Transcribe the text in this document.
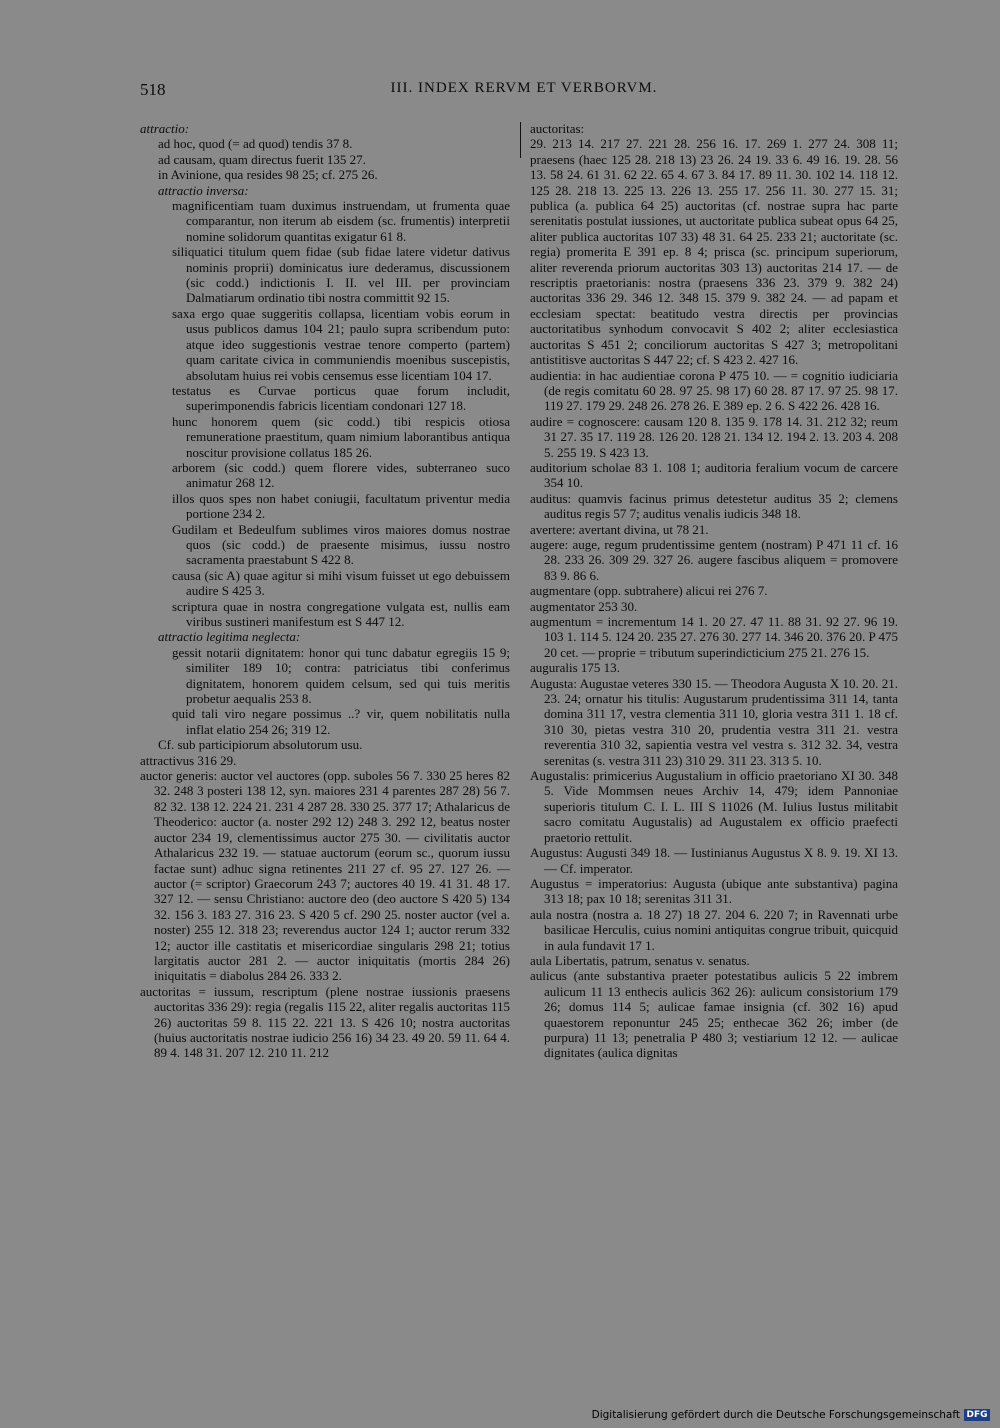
518	III. INDEX RERVM ET VERBORVM.

attractio:

ad hoc, quod (= ad quod) tendis 37 8.

ad causam, quam directus fuerit 135 27.

in Avinione, qua resides 98 25; cf. 275 26.

attractio inversa:

magnificentiam tuam duximus instruendam, ut frumenta quae comparantur, non iterum ab eisdem (sc. frumentis) interpretii nomine solidorum quantitas exigatur 61 8.

siliquatici titulum quem fidae (sub fidae latere videtur dativus nominis proprii) dominicatus iure dederamus, discussionem (sic codd.) indictionis I. II. vel III. per provinciam Dalmatiarum ordinatio tibi nostra committit 92 15.

saxa ergo quae suggeritis collapsa, licentiam vobis eorum in usus publicos damus 104 21; paulo supra scribendum puto: atque ideo suggestionis vestrae tenore comperto (partem) quam caritate civica in communiendis moenibus suscepistis, absolutam huius rei vobis censemus esse licentiam 104 17.

testatus es Curvae porticus quae forum includit, superimponendis fabricis licentiam condonari 127 18.

hunc honorem quem (sic codd.) tibi respicis otiosa remuneratione praestitum, quam nimium laborantibus antiqua noscitur provisione collatus 185 26.

arborem (sic codd.) quem florere vides, subterraneo suco animatur 268 12.

illos quos spes non habet coniugii, facultatum priventur media portione 234 2.

Gudilam et Bedeulfum sublimes viros maiores domus nostrae quos (sic codd.) de praesente misimus, iussu nostro sacramenta praestabunt S 422 8.

causa (sic A) quae agitur si mihi visum fuisset ut ego debuissem audire S 425 3.

scriptura quae in nostra congregatione vulgata est, nullis eam viribus sustineri manifestum est S 447 12.

attractio legitima neglecta:

gessit notarii dignitatem: honor qui tunc dabatur egregiis 15 9; similiter 189 10; contra: patriciatus tibi conferimus dignitatem, honorem quidem celsum, sed qui tuis meritis probetur aequalis 253 8.

quid tali viro negare possimus ..? vir, quem nobilitatis nulla inflat elatio 254 26; 319 12.

Cf. sub participiorum absolutorum usu.

attractivus 316 29.

auctor generis: auctor vel auctores (opp. suboles 56 7. 330 25 heres 82 32. 248 3 posteri 138 12, syn. maiores 231 4 parentes 287 28) 56 7. 82 32. 138 12. 224 21. 231 4 287 28. 330 25. 377 17; Athalaricus de Theoderico: auctor (a. noster 292 12) 248 3. 292 12, beatus noster auctor 234 19, clementissimus auctor 275 30. — civilitatis auctor Athalaricus 232 19. — statuae auctorum (eorum sc., quorum iussu factae sunt) adhuc signa retinentes 211 27 cf. 95 27. 127 26. — auctor (= scriptor) Graecorum 243 7; auctores 40 19. 41 31. 48 17. 327 12. — sensu Christiano: auctore deo (deo auctore S 420 5) 134 32. 156 3. 183 27. 316 23. S 420 5 cf. 290 25. noster auctor (vel a. noster) 255 12. 318 23; reverendus auctor 124 1; auctor rerum 332 12; auctor ille castitatis et misericordiae singularis 298 21; totius largitatis auctor 281 2. — auctor iniquitatis (mortis 284 26) iniquitatis = diabolus 284 26. 333 2.

auctoritas = iussum, rescriptum (plene nostrae iussionis praesens auctoritas 336 29): regia (regalis 115 22, aliter regalis auctoritas 115 26) auctoritas 59 8. 115 22. 221 13. S 426 10; nostra auctoritas (huius auctoritatis nostrae iudicio 256 16) 34 23. 49 20. 59 11. 64 4. 89 4. 148 31. 207 12. 210 11. 212

auctoritas:

29. 213 14. 217 27. 221 28. 256 16. 17. 269 1. 277 24. 308 11; praesens (haec 125 28. 218 13) 23 26. 24 19. 33 6. 49 16. 19. 28. 56 13. 58 24. 61 31. 62 22. 65 4. 67 3. 84 17. 89 11. 30. 102 14. 118 12. 125 28. 218 13. 225 13. 226 13. 255 17. 256 11. 30. 277 15. 31; publica (a. publica 64 25) auctoritas (cf. nostrae supra hac parte serenitatis postulat iussiones, ut auctoritate publica subeat opus 64 25, aliter publica auctoritas 107 33) 48 31. 64 25. 233 21; auctoritate (sc. regia) promerita E 391 ep. 8 4; prisca (sc. principum superiorum, aliter reverenda priorum auctoritas 303 13) auctoritas 214 17. — de rescriptis praetorianis: nostra (praesens 336 23. 379 9. 382 24) auctoritas 336 29. 346 12. 348 15. 379 9. 382 24. — ad papam et ecclesiam spectat: beatitudo vestra directis per provincias auctoritatibus synhodum convocavit S 402 2; aliter ecclesiastica auctoritas S 451 2; conciliorum auctoritas S 427 3; metropolitani antistitisve auctoritas S 447 22; cf. S 423 2. 427 16.

audientia: in hac audientiae corona P 475 10. — = cognitio iudiciaria (de regis comitatu 60 28. 97 25. 98 17) 60 28. 87 17. 97 25. 98 17. 119 27. 179 29. 248 26. 278 26. E 389 ep. 2 6. S 422 26. 428 16.

audire = cognoscere: causam 120 8. 135 9. 178 14. 31. 212 32; reum 31 27. 35 17. 119 28. 126 20. 128 21. 134 12. 194 2. 13. 203 4. 208 5. 255 19. S 423 13.

auditorium scholae 83 1. 108 1; auditoria feralium vocum de carcere 354 10.

auditus: quamvis facinus primus detestetur auditus 35 2; clemens auditus regis 57 7; auditus venalis iudicis 348 18.

avertere: avertant divina, ut 78 21.

augere: auge, regum prudentissime gentem (nostram) P 471 11 cf. 16 28. 233 26. 309 29. 327 26. augere fascibus aliquem = promovere 83 9. 86 6.

augmentare (opp. subtrahere) alicui rei 276 7.

augmentator 253 30.

augmentum = incrementum 14 1. 20 27. 47 11. 88 31. 92 27. 96 19. 103 1. 114 5. 124 20. 235 27. 276 30. 277 14. 346 20. 376 20. P 475 20 cet. — proprie = tributum superindicticium 275 21. 276 15.

auguralis 175 13.

Augusta: Augustae veteres 330 15. — Theodora Augusta X 10. 20. 21. 23. 24; ornatur his titulis: Augustarum prudentissima 311 14, tanta domina 311 17, vestra clementia 311 10, gloria vestra 311 1. 18 cf. 310 30, pietas vestra 310 20, prudentia vestra 311 21. vestra reverentia 310 32, sapientia vestra vel vestra s. 312 32. 34, vestra serenitas (s. vestra 311 23) 310 29. 311 23. 313 5. 10.

Augustalis: primicerius Augustalium in officio praetoriano XI 30. 348 5. Vide Mommsen neues Archiv 14, 479; idem Pannoniae superioris titulum C. I. L. III S 11026 (M. Iulius Iustus militabit sacro comitatu Augustalis) ad Augustalem ex officio praefecti praetorio rettulit.

Augustus: Augusti 349 18. — Iustinianus Augustus X 8. 9. 19. XI 13. — Cf. imperator.

Augustus = imperatorius: Augusta (ubique ante substantiva) pagina 313 18; pax 10 18; serenitas 311 31.

aula nostra (nostra a. 18 27) 18 27. 204 6. 220 7; in Ravennati urbe basilicae Herculis, cuius nomini antiquitas congrue tribuit, quicquid in aula fundavit 17 1.

aula Libertatis, patrum, senatus v. senatus.

aulicus (ante substantiva praeter potestatibus aulicis 5 22 imbrem aulicum 11 13 enthecis aulicis 362 26): aulicum consistorium 179 26; domus 114 5; aulicae famae insignia (cf. 302 16) apud quaestorem reponuntur 245 25; enthecae 362 26; imber (de purpura) 11 13; penetralia P 480 3; vestiarium 12 12. — aulicae dignitates (aulica dignitas

Digitalisierung gefördert durch die Deutsche Forschungsgemeinschaft DFG
